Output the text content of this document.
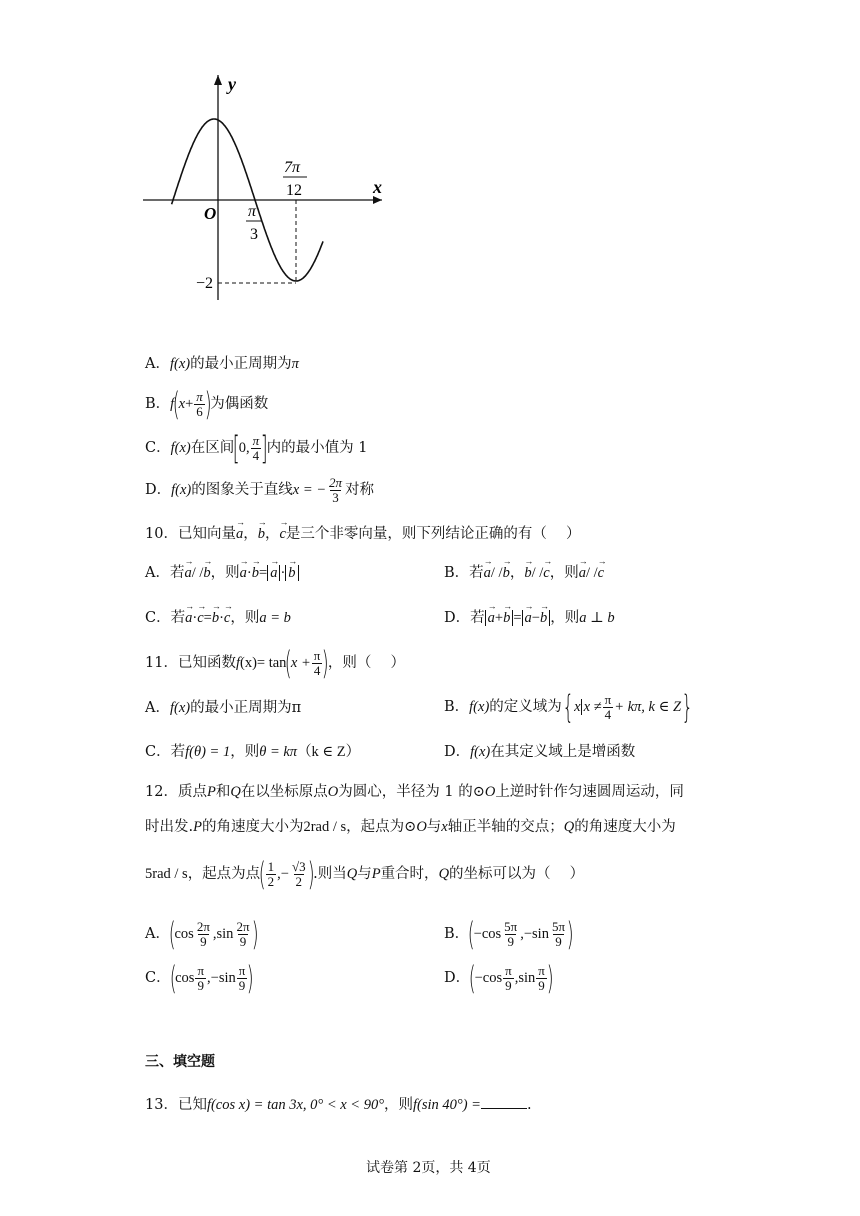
y
x
O π
3
7π
12
−2
A．f(x)的最小正周期为π
B．$f(x+ \frac{\pi}{6}$ )为偶函数
C．f(x)在区间[0, $\frac{\pi}{4}$ ]内的最小值为 1
D．f(x)的图象关于直线x = − $\frac{2\pi}{3}$ 对称
10．已知向量→ a，→ b，→ c是三个非零向量，则下列结论正确的有（　 ）
A．若→ a/ /→ b，则→ a·→ b= → a · → b	B．若→ a/ /→ b，→ b/ /→ c，则→ a/ /→ c
C．若→ a·→ c=→ b·→ c，则a = b	D．若 → a+→ b = → a−→ b ，则a ⊥ b
11．已知函数$f(x)= \tan(x + \frac{\pi}{4}$ )，则（　 ）
A．f(x)的最小正周期为π	B．f(x)的定义域为{x $x \ne \frac{\pi}{4} + k\pi$, k ∈ Z}
C．若f(θ) = 1，则θ = kπ（k ∈ Z）	D．f(x)在其定义域上是增函数
12．质点P和Q在以坐标原点O为圆心，半径为 1 的⊙O上逆时针作匀速圆周运动，同
时出发.P的角速度大小为2rad / s，起点为⊙O与x轴正半轴的交点；Q的角速度大小为
5rad / s，起点为点( $\frac{1}{2}$ ,− $\frac{√3}{2}$ ).则当Q与P重合时，Q的坐标可以为（　 ）
A．($\cos \frac{2\pi}{9} ,\sin \frac{2\pi}{9}$ )	B．($-\cos \frac{5\pi}{9} ,-\sin \frac{5\pi}{9}$ )
C．($\cos \frac{\pi}{9} ,-\sin \frac{\pi}{9}$ )	D．($-\cos \frac{\pi}{9} ,\sin \frac{\pi}{9}$ )
三、填空题
13．已知f(cos x) = tan 3x, 0° < x < 90°，则f(sin 40°) =	.
试卷第 2页，共 4页
